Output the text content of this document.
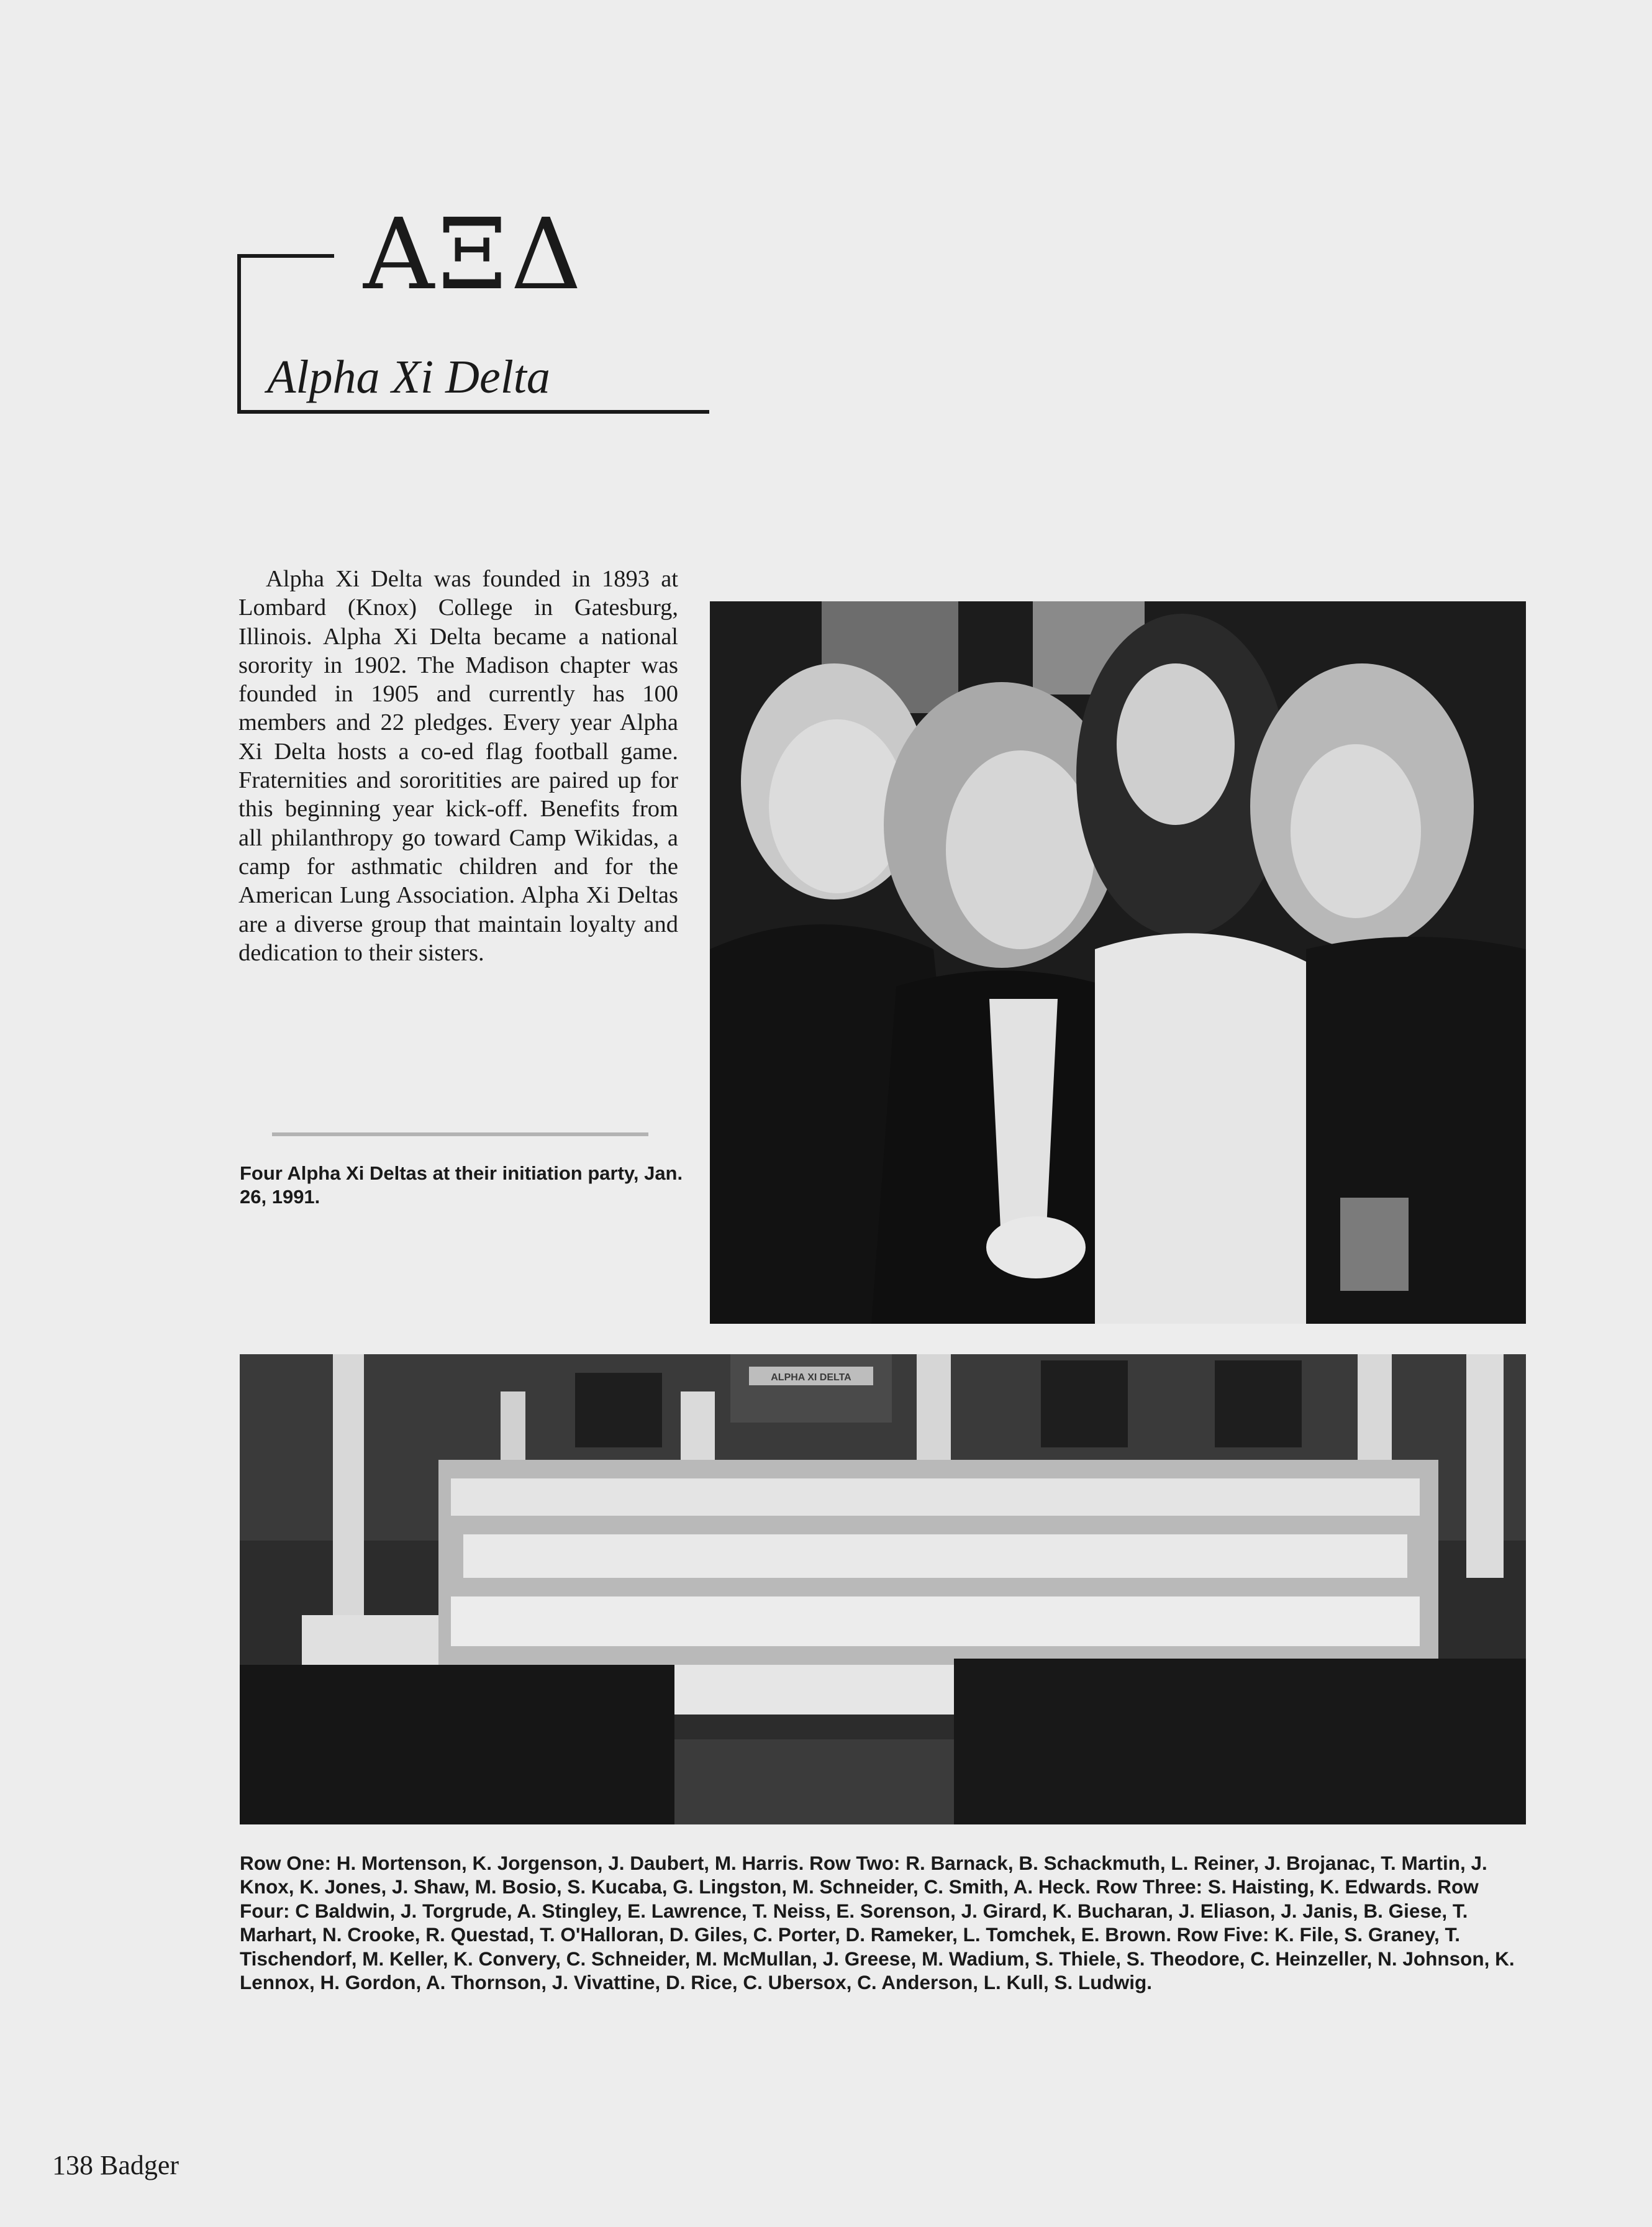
ΑΞΔ
Alpha Xi Delta
Alpha Xi Delta was founded in 1893 at Lombard (Knox) College in Gatesburg, Illinois. Alpha Xi Delta became a national sorority in 1902. The Madison chapter was founded in 1905 and currently has 100 members and 22 pledges. Every year Alpha Xi Delta hosts a co-ed flag football game. Fraternities and sororitities are paired up for this beginning year kick-off. Benefits from all philanthropy go toward Camp Wikidas, a camp for asthmatic children and for the American Lung Association. Alpha Xi Deltas are a diverse group that maintain loyalty and dedication to their sisters.
Four Alpha Xi Deltas at their initiation party, Jan. 26, 1991.
ALPHA XI DELTA
Row One: H. Mortenson, K. Jorgenson, J. Daubert, M. Harris. Row Two: R. Barnack, B. Schackmuth, L. Reiner, J. Brojanac, T. Martin, J. Knox, K. Jones, J. Shaw, M. Bosio, S. Kucaba, G. Lingston, M. Schneider, C. Smith, A. Heck. Row Three: S. Haisting, K. Edwards. Row Four: C Baldwin, J. Torgrude, A. Stingley, E. Lawrence, T. Neiss, E. Sorenson, J. Girard, K. Bucharan, J. Eliason, J. Janis, B. Giese, T. Marhart, N. Crooke, R. Questad, T. O'Halloran, D. Giles, C. Porter, D. Rameker, L. Tomchek, E. Brown. Row Five: K. File, S. Graney, T. Tischendorf, M. Keller, K. Convery, C. Schneider, M. McMullan, J. Greese, M. Wadium, S. Thiele, S. Theodore, C. Heinzeller, N. Johnson, K. Lennox, H. Gordon, A. Thornson, J. Vivattine, D. Rice, C. Ubersox, C. Anderson, L. Kull, S. Ludwig.
138 Badger
